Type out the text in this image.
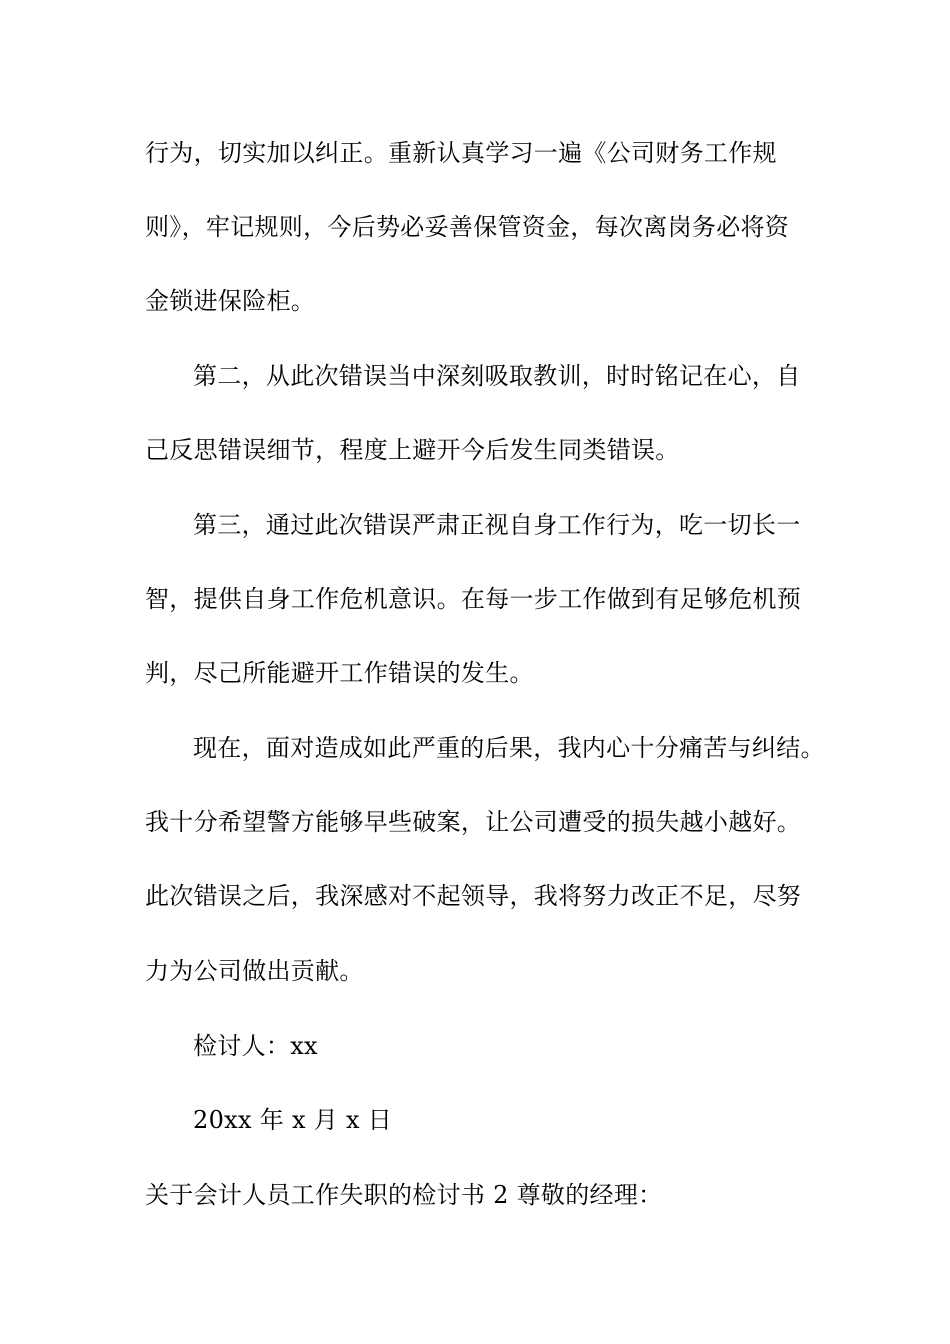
行为，切实加以纠正。重新认真学习一遍《公司财务工作规
则》，牢记规则，今后势必妥善保管资金，每次离岗务必将资
金锁进保险柜。
第二，从此次错误当中深刻吸取教训，时时铭记在心，自
己反思错误细节，程度上避开今后发生同类错误。
第三，通过此次错误严肃正视自身工作行为，吃一切长一
智，提供自身工作危机意识。在每一步工作做到有足够危机预
判，尽己所能避开工作错误的发生。
现在，面对造成如此严重的后果，我内心十分痛苦与纠结。
我十分希望警方能够早些破案，让公司遭受的损失越小越好。
此次错误之后，我深感对不起领导，我将努力改正不足，尽努
力为公司做出贡献。
检讨人：xx
20xx 年 x 月 x 日
关于会计人员工作失职的检讨书 2 尊敬的经理：
